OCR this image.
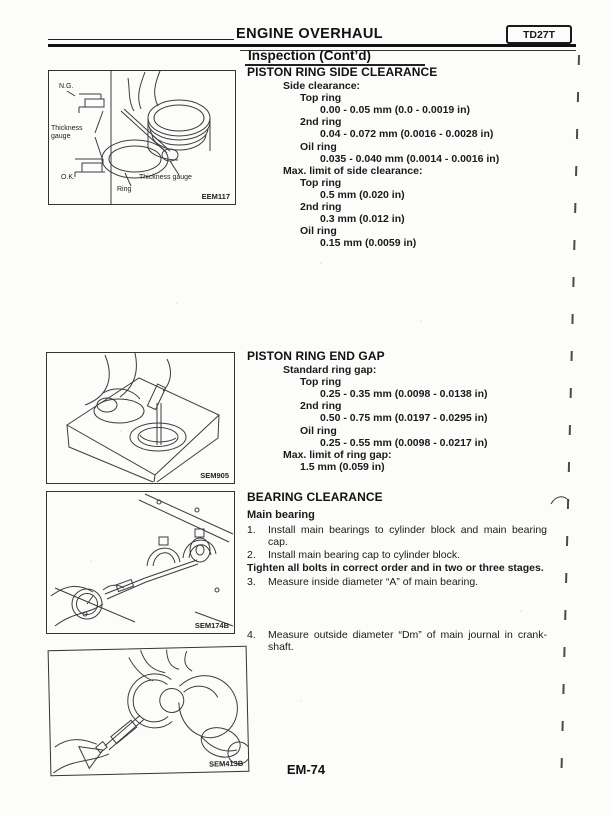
ENGINE OVERHAUL	TD27T
Inspection (Cont’d)
N.G.
Thickness gauge
O.K.	Thickness gauge
Ring
EEM117
SEM905
SEM174B
SEM413B
PISTON RING SIDE CLEARANCE
Side clearance:
Top ring
0.00 - 0.05 mm (0.0 - 0.0019 in)
2nd ring
0.04 - 0.072 mm (0.0016 - 0.0028 in)
Oil ring
0.035 - 0.040 mm (0.0014 - 0.0016 in)
Max. limit of side clearance:
Top ring
0.5 mm (0.020 in)
2nd ring
0.3 mm (0.012 in)
Oil ring
0.15 mm (0.0059 in)
PISTON RING END GAP
Standard ring gap:
Top ring
0.25 - 0.35 mm (0.0098 - 0.0138 in)
2nd ring
0.50 - 0.75 mm (0.0197 - 0.0295 in)
Oil ring
0.25 - 0.55 mm (0.0098 - 0.0217 in)
Max. limit of ring gap:
1.5 mm (0.059 in)
BEARING CLEARANCE
Main bearing
1.	Install main bearings to cylinder block and main bearing cap.
2.	Install main bearing cap to cylinder block.
Tighten all bolts in correct order and in two or three stages.
3.	Measure inside diameter “A” of main bearing.
4.	Measure outside diameter “Dm” of main journal in crank-shaft.
EM-74
